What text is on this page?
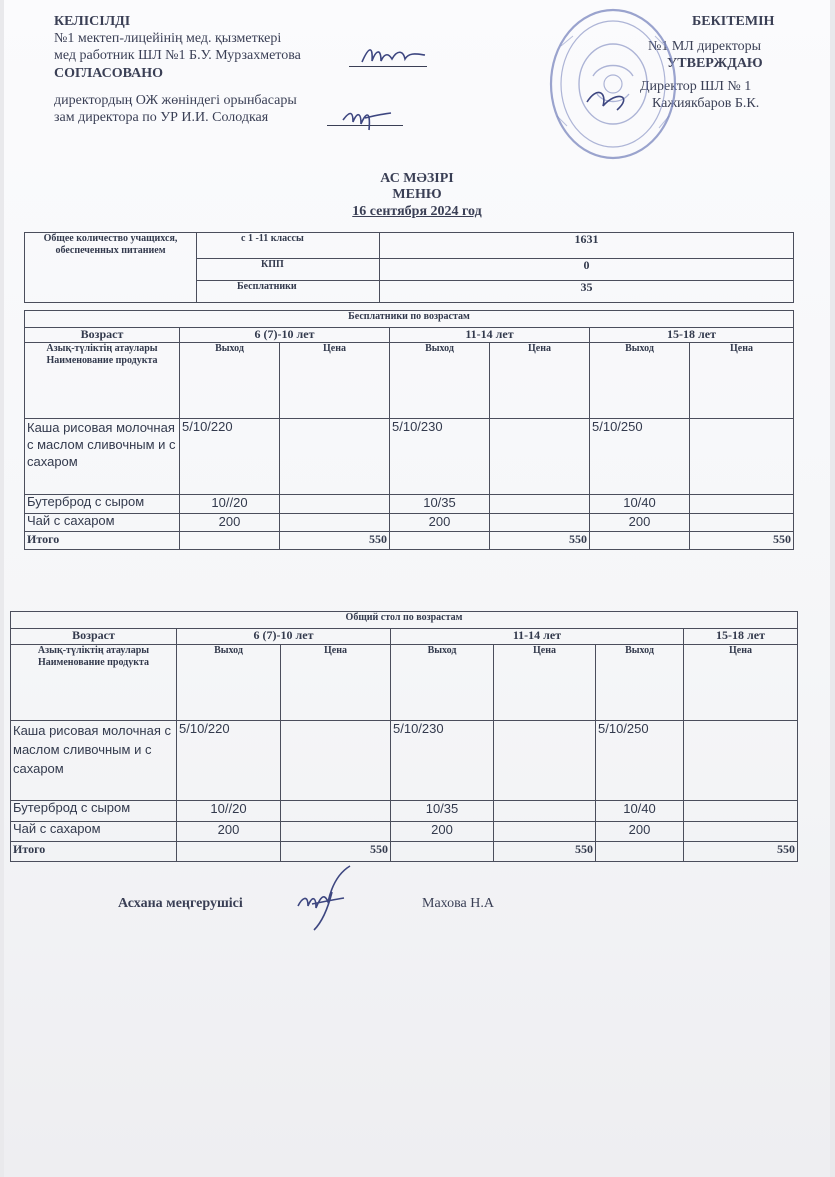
КЕЛІСІЛДІ
№1 мектеп-лицейінің мед. қызметкері
мед работник ШЛ №1 Б.У. Мурзахметова
СОГЛАСОВАНО
директордың ОЖ жөніндегі орынбасары
зам директора по УР И.И. Солодкая
БЕКІТЕМІН
№1 МЛ директоры
УТВЕРЖДАЮ
Директор ШЛ № 1
Кажиякбаров Б.К.
АС МӘЗІРІ
МЕНЮ
16 сентября 2024 год
Общее количество учащихся, обеспеченных питанием	с 1 -11 классы	1631
	КПП	0
	Бесплатники	35
Бесплатники по возрастам						
Возраст	6 (7)-10 лет		11-14 лет		15-18 лет	
Азық-түліктің атаулары Наименование продукта	Выход	Цена	Выход	Цена	Выход	Цена
Каша рисовая молочная с маслом сливочным и с сахаром	5/10/220		5/10/230		5/10/250	
Бутерброд с сыром	10//20		10/35		10/40	
Чай с сахаром	200		200		200	
Итого		550		550		550
Общий стол по возрастам						
Возраст	6 (7)-10 лет		11-14 лет			15-18 лет
Азық-түліктің атаулары Наименование продукта	Выход	Цена	Выход	Цена	Выход	Цена
Каша рисовая молочная с маслом сливочным и с сахаром	5/10/220		5/10/230		5/10/250	
Бутерброд с сыром	10//20		10/35		10/40	
Чай с сахаром	200		200		200	
Итого		550		550		550
Асхана меңгерушісі	Махова Н.А
